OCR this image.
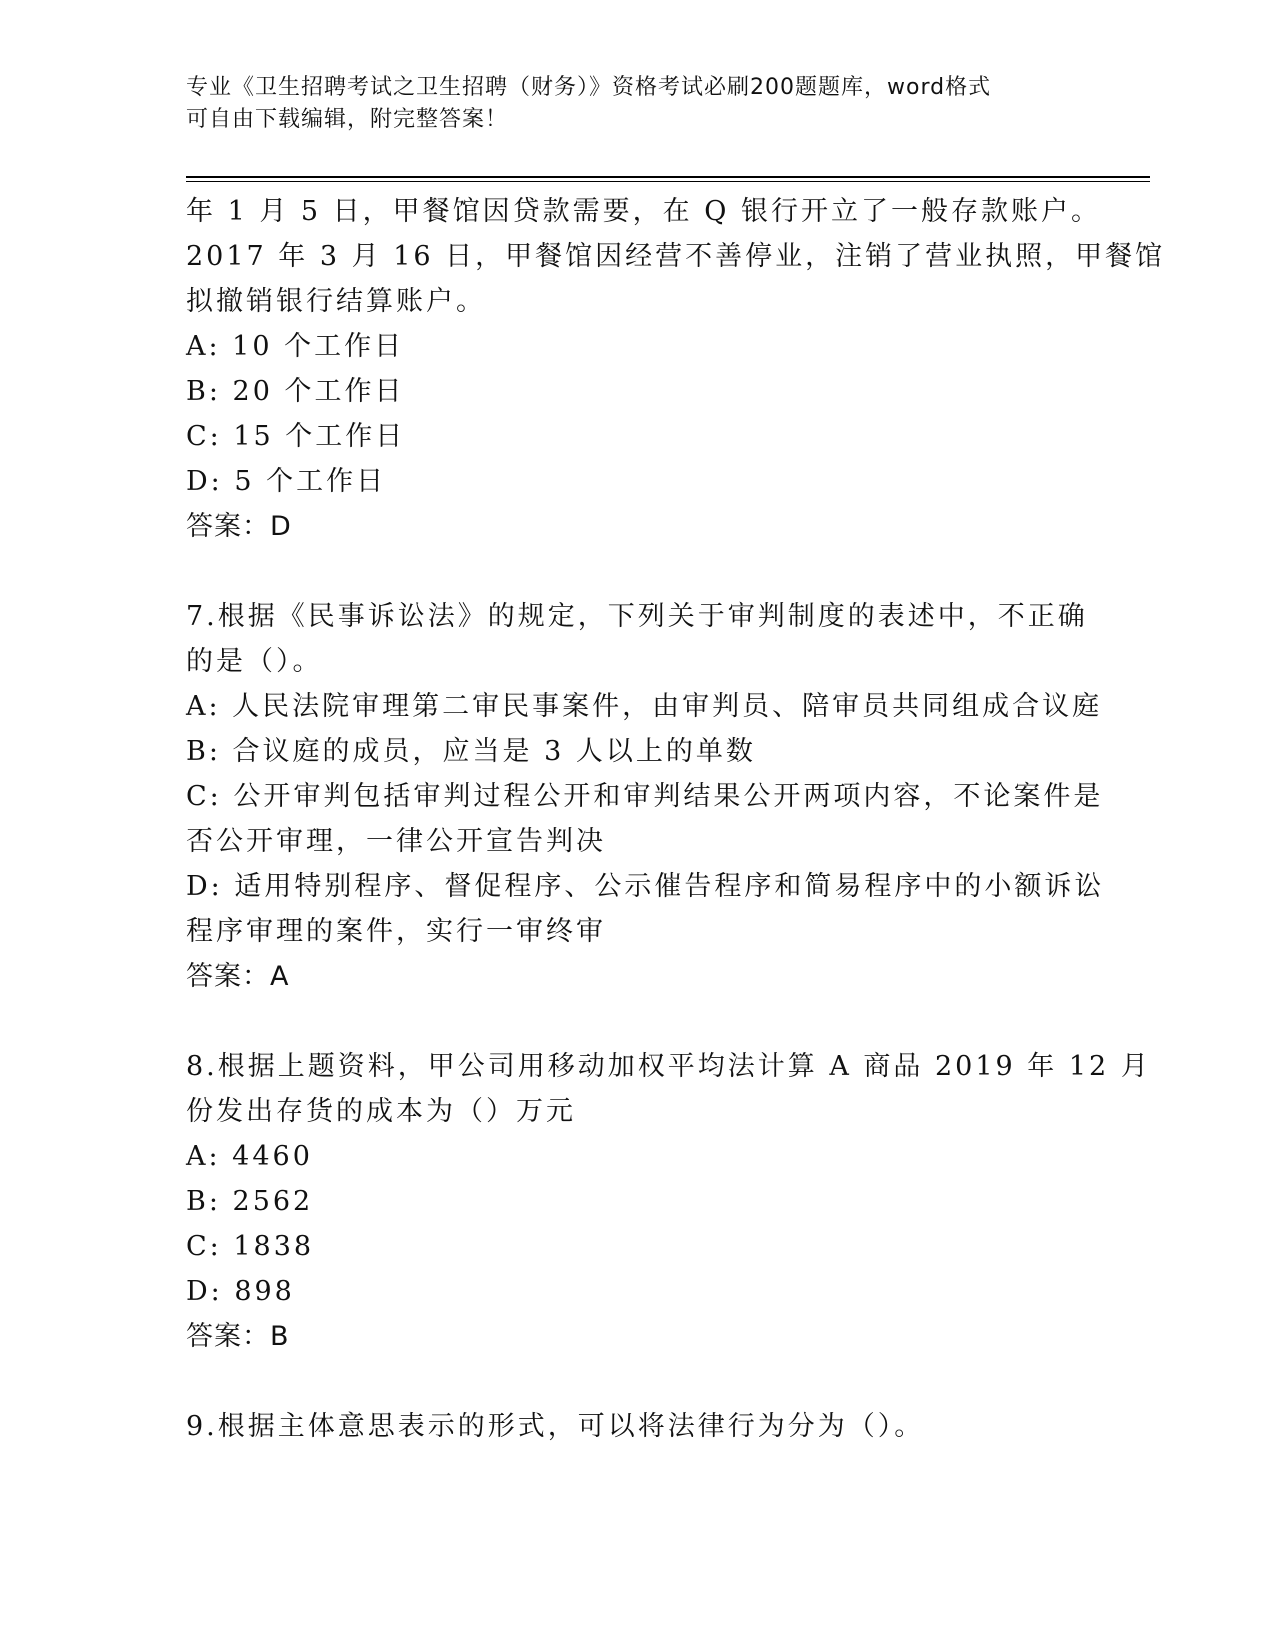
专业《卫生招聘考试之卫生招聘（财务）》资格考试必刷200题题库，word格式
可自由下载编辑，附完整答案！
年 1 月 5 日，甲餐馆因贷款需要，在 Q 银行开立了一般存款账户。
2017 年 3 月 16 日，甲餐馆因经营不善停业，注销了营业执照，甲餐馆
拟撤销银行结算账户。
A: 10 个工作日
B: 20 个工作日
C: 15 个工作日
D: 5 个工作日
答案：D
7.根据《民事诉讼法》的规定，下列关于审判制度的表述中，不正确
的是（）。
A: 人民法院审理第二审民事案件，由审判员、陪审员共同组成合议庭
B: 合议庭的成员，应当是 3 人以上的单数
C: 公开审判包括审判过程公开和审判结果公开两项内容，不论案件是
否公开审理，一律公开宣告判决
D: 适用特别程序、督促程序、公示催告程序和简易程序中的小额诉讼
程序审理的案件，实行一审终审
答案：A
8.根据上题资料，甲公司用移动加权平均法计算 A 商品 2019 年 12 月
份发出存货的成本为（）万元
A: 4460
B: 2562
C: 1838
D: 898
答案：B
9.根据主体意思表示的形式，可以将法律行为分为（）。
